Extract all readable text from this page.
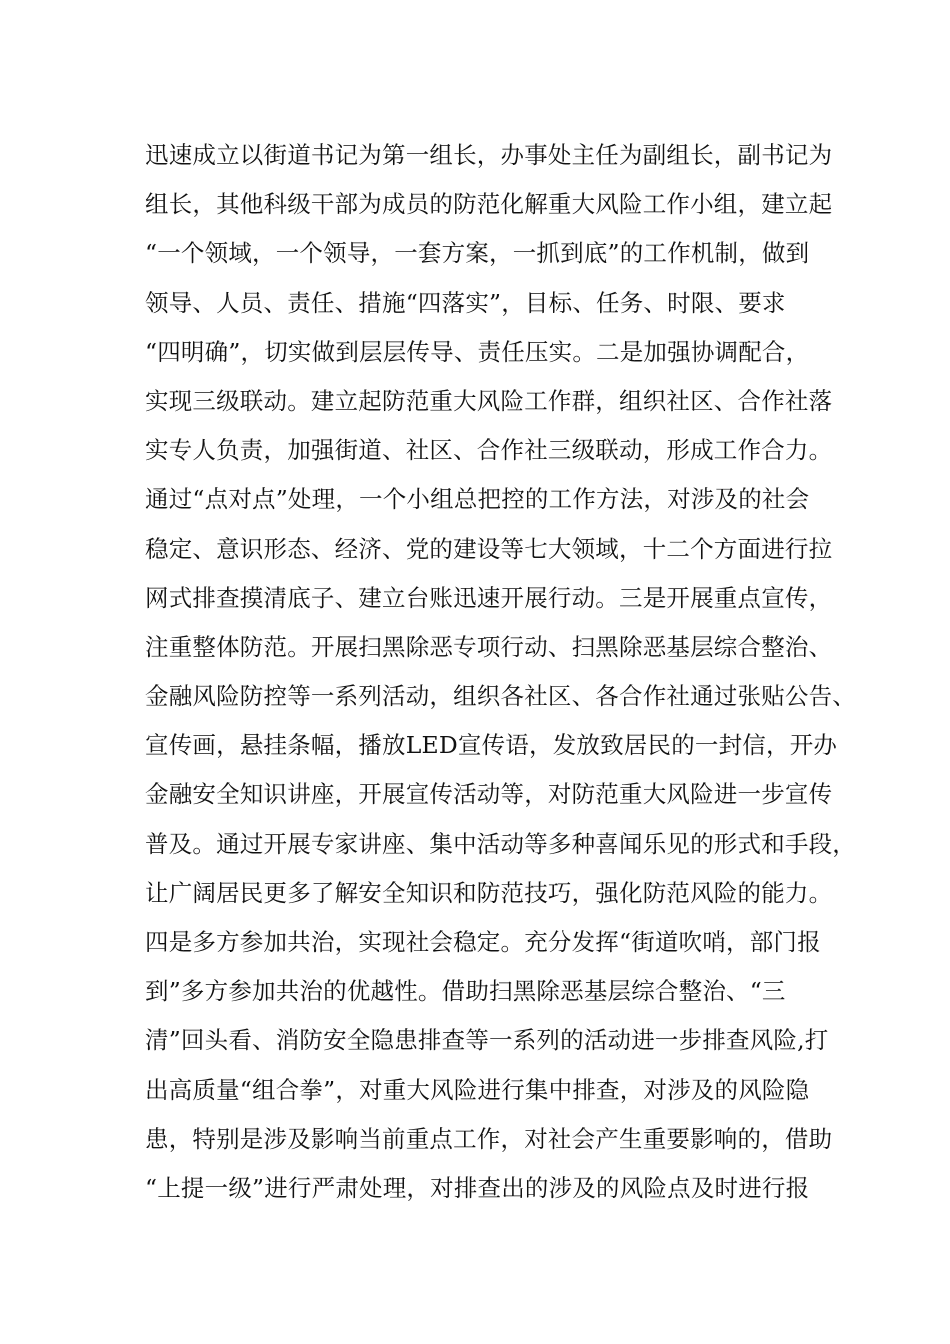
迅速成立以街道书记为第一组长，办事处主任为副组长，副书记为
组长，其他科级干部为成员的防范化解重大风险工作小组，建立起
“一个领域，一个领导，一套方案，一抓到底”的工作机制，做到
领导、人员、责任、措施“四落实”，目标、任务、时限、要求
“四明确”，切实做到层层传导、责任压实。二是加强协调配合，
实现三级联动。建立起防范重大风险工作群，组织社区、合作社落
实专人负责，加强街道、社区、合作社三级联动，形成工作合力。
通过“点对点”处理，一个小组总把控的工作方法，对涉及的社会
稳定、意识形态、经济、党的建设等七大领域，十二个方面进行拉
网式排查摸清底子、建立台账迅速开展行动。三是开展重点宣传，
注重整体防范。开展扫黑除恶专项行动、扫黑除恶基层综合整治、
金融风险防控等一系列活动，组织各社区、各合作社通过张贴公告、
宣传画，悬挂条幅，播放LED宣传语，发放致居民的一封信，开办
金融安全知识讲座，开展宣传活动等，对防范重大风险进一步宣传
普及。通过开展专家讲座、集中活动等多种喜闻乐见的形式和手段，
让广阔居民更多了解安全知识和防范技巧，强化防范风险的能力。
四是多方参加共治，实现社会稳定。充分发挥“街道吹哨，部门报
到”多方参加共治的优越性。借助扫黑除恶基层综合整治、“三
清”回头看、消防安全隐患排查等一系列的活动进一步排查风险,打
出高质量“组合拳”，对重大风险进行集中排查，对涉及的风险隐
患，特别是涉及影响当前重点工作，对社会产生重要影响的，借助
“上提一级”进行严肃处理，对排查出的涉及的风险点及时进行报
